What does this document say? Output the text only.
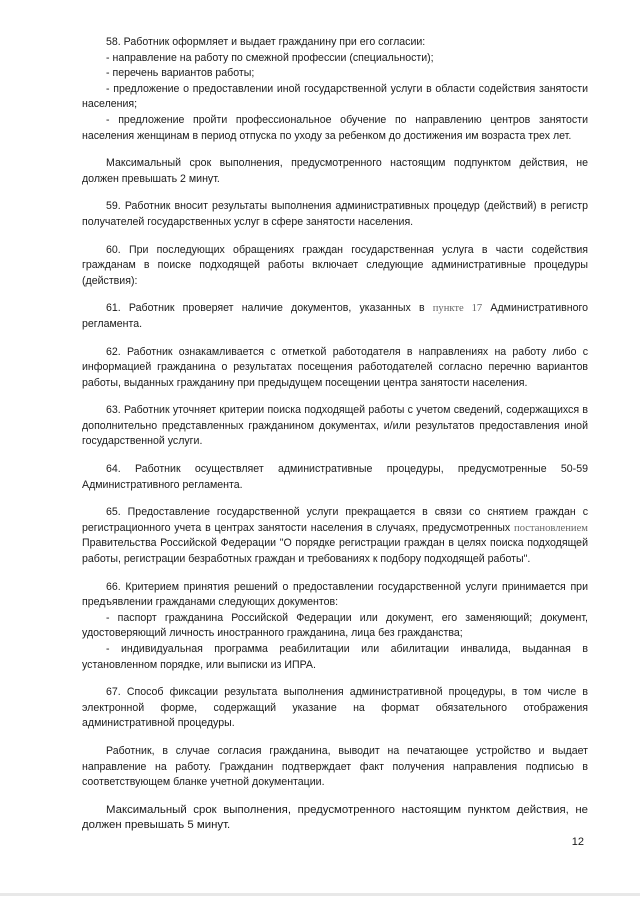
58. Работник оформляет и выдает гражданину при его согласии:

- направление на работу по смежной профессии (специальности);

- перечень вариантов работы;

- предложение о предоставлении иной государственной услуги в области содействия занятости населения;

- предложение пройти профессиональное обучение по направлению центров занятости населения женщинам в период отпуска по уходу за ребенком до достижения им возраста трех лет.

Максимальный срок выполнения, предусмотренного настоящим подпунктом действия, не должен превышать 2 минут.

59. Работник вносит результаты выполнения административных процедур (действий) в регистр получателей государственных услуг в сфере занятости населения.

60. При последующих обращениях граждан государственная услуга в части содействия гражданам в поиске подходящей работы включает следующие административные процедуры (действия):

61. Работник проверяет наличие документов, указанных в пункте 17 Административного регламента.

62. Работник ознакамливается с отметкой работодателя в направлениях на работу либо с информацией гражданина о результатах посещения работодателей согласно перечню вариантов работы, выданных гражданину при предыдущем посещении центра занятости населения.

63. Работник уточняет критерии поиска подходящей работы с учетом сведений, содержащихся в дополнительно представленных гражданином документах, и/или результатов предоставления иной государственной услуги.

64. Работник осуществляет административные процедуры, предусмотренные 50-59 Административного регламента.

65. Предоставление государственной услуги прекращается в связи со снятием граждан с регистрационного учета в центрах занятости населения в случаях, предусмотренных постановлением Правительства Российской Федерации "О порядке регистрации граждан в целях поиска подходящей работы, регистрации безработных граждан и требованиях к подбору подходящей работы".

66. Критерием принятия решений о предоставлении государственной услуги принимается при предъявлении гражданами следующих документов:

- паспорт гражданина Российской Федерации или документ, его заменяющий; документ, удостоверяющий личность иностранного гражданина, лица без гражданства;

- индивидуальная программа реабилитации или абилитации инвалида, выданная в установленном порядке, или выписки из ИПРА.

67. Способ фиксации результата выполнения административной процедуры, в том числе в электронной форме, содержащий указание на формат обязательного отображения административной процедуры.

Работник, в случае согласия гражданина, выводит на печатающее устройство и выдает направление на работу. Гражданин подтверждает факт получения направления подписью в соответствующем бланке учетной документации.

Максимальный срок выполнения, предусмотренного настоящим пунктом действия, не должен превышать 5 минут.

12
